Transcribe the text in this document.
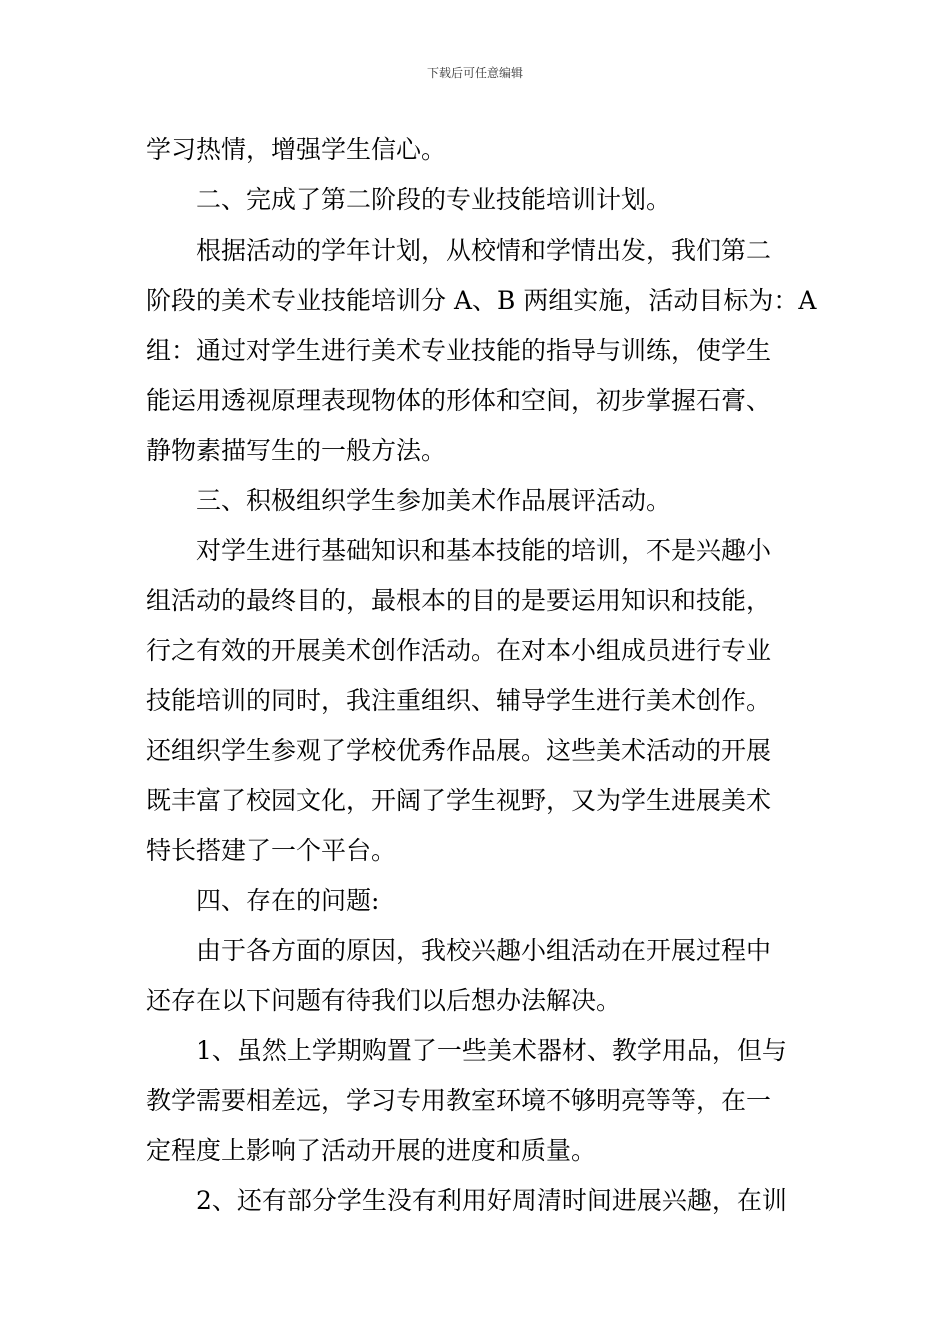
下载后可任意编辑
学习热情，增强学生信心。
二、完成了第二阶段的专业技能培训计划。
根据活动的学年计划，从校情和学情出发，我们第二
阶段的美术专业技能培训分 A、B 两组实施，活动目标为：A
组：通过对学生进行美术专业技能的指导与训练，使学生
能运用透视原理表现物体的形体和空间，初步掌握石膏、
静物素描写生的一般方法。
三、积极组织学生参加美术作品展评活动。
对学生进行基础知识和基本技能的培训，不是兴趣小
组活动的最终目的，最根本的目的是要运用知识和技能，
行之有效的开展美术创作活动。在对本小组成员进行专业
技能培训的同时，我注重组织、辅导学生进行美术创作。
还组织学生参观了学校优秀作品展。这些美术活动的开展
既丰富了校园文化，开阔了学生视野，又为学生进展美术
特长搭建了一个平台。
四、存在的问题:
由于各方面的原因，我校兴趣小组活动在开展过程中
还存在以下问题有待我们以后想办法解决。
1、虽然上学期购置了一些美术器材、教学用品，但与
教学需要相差远，学习专用教室环境不够明亮等等，在一
定程度上影响了活动开展的进度和质量。
2、还有部分学生没有利用好周清时间进展兴趣，在训
